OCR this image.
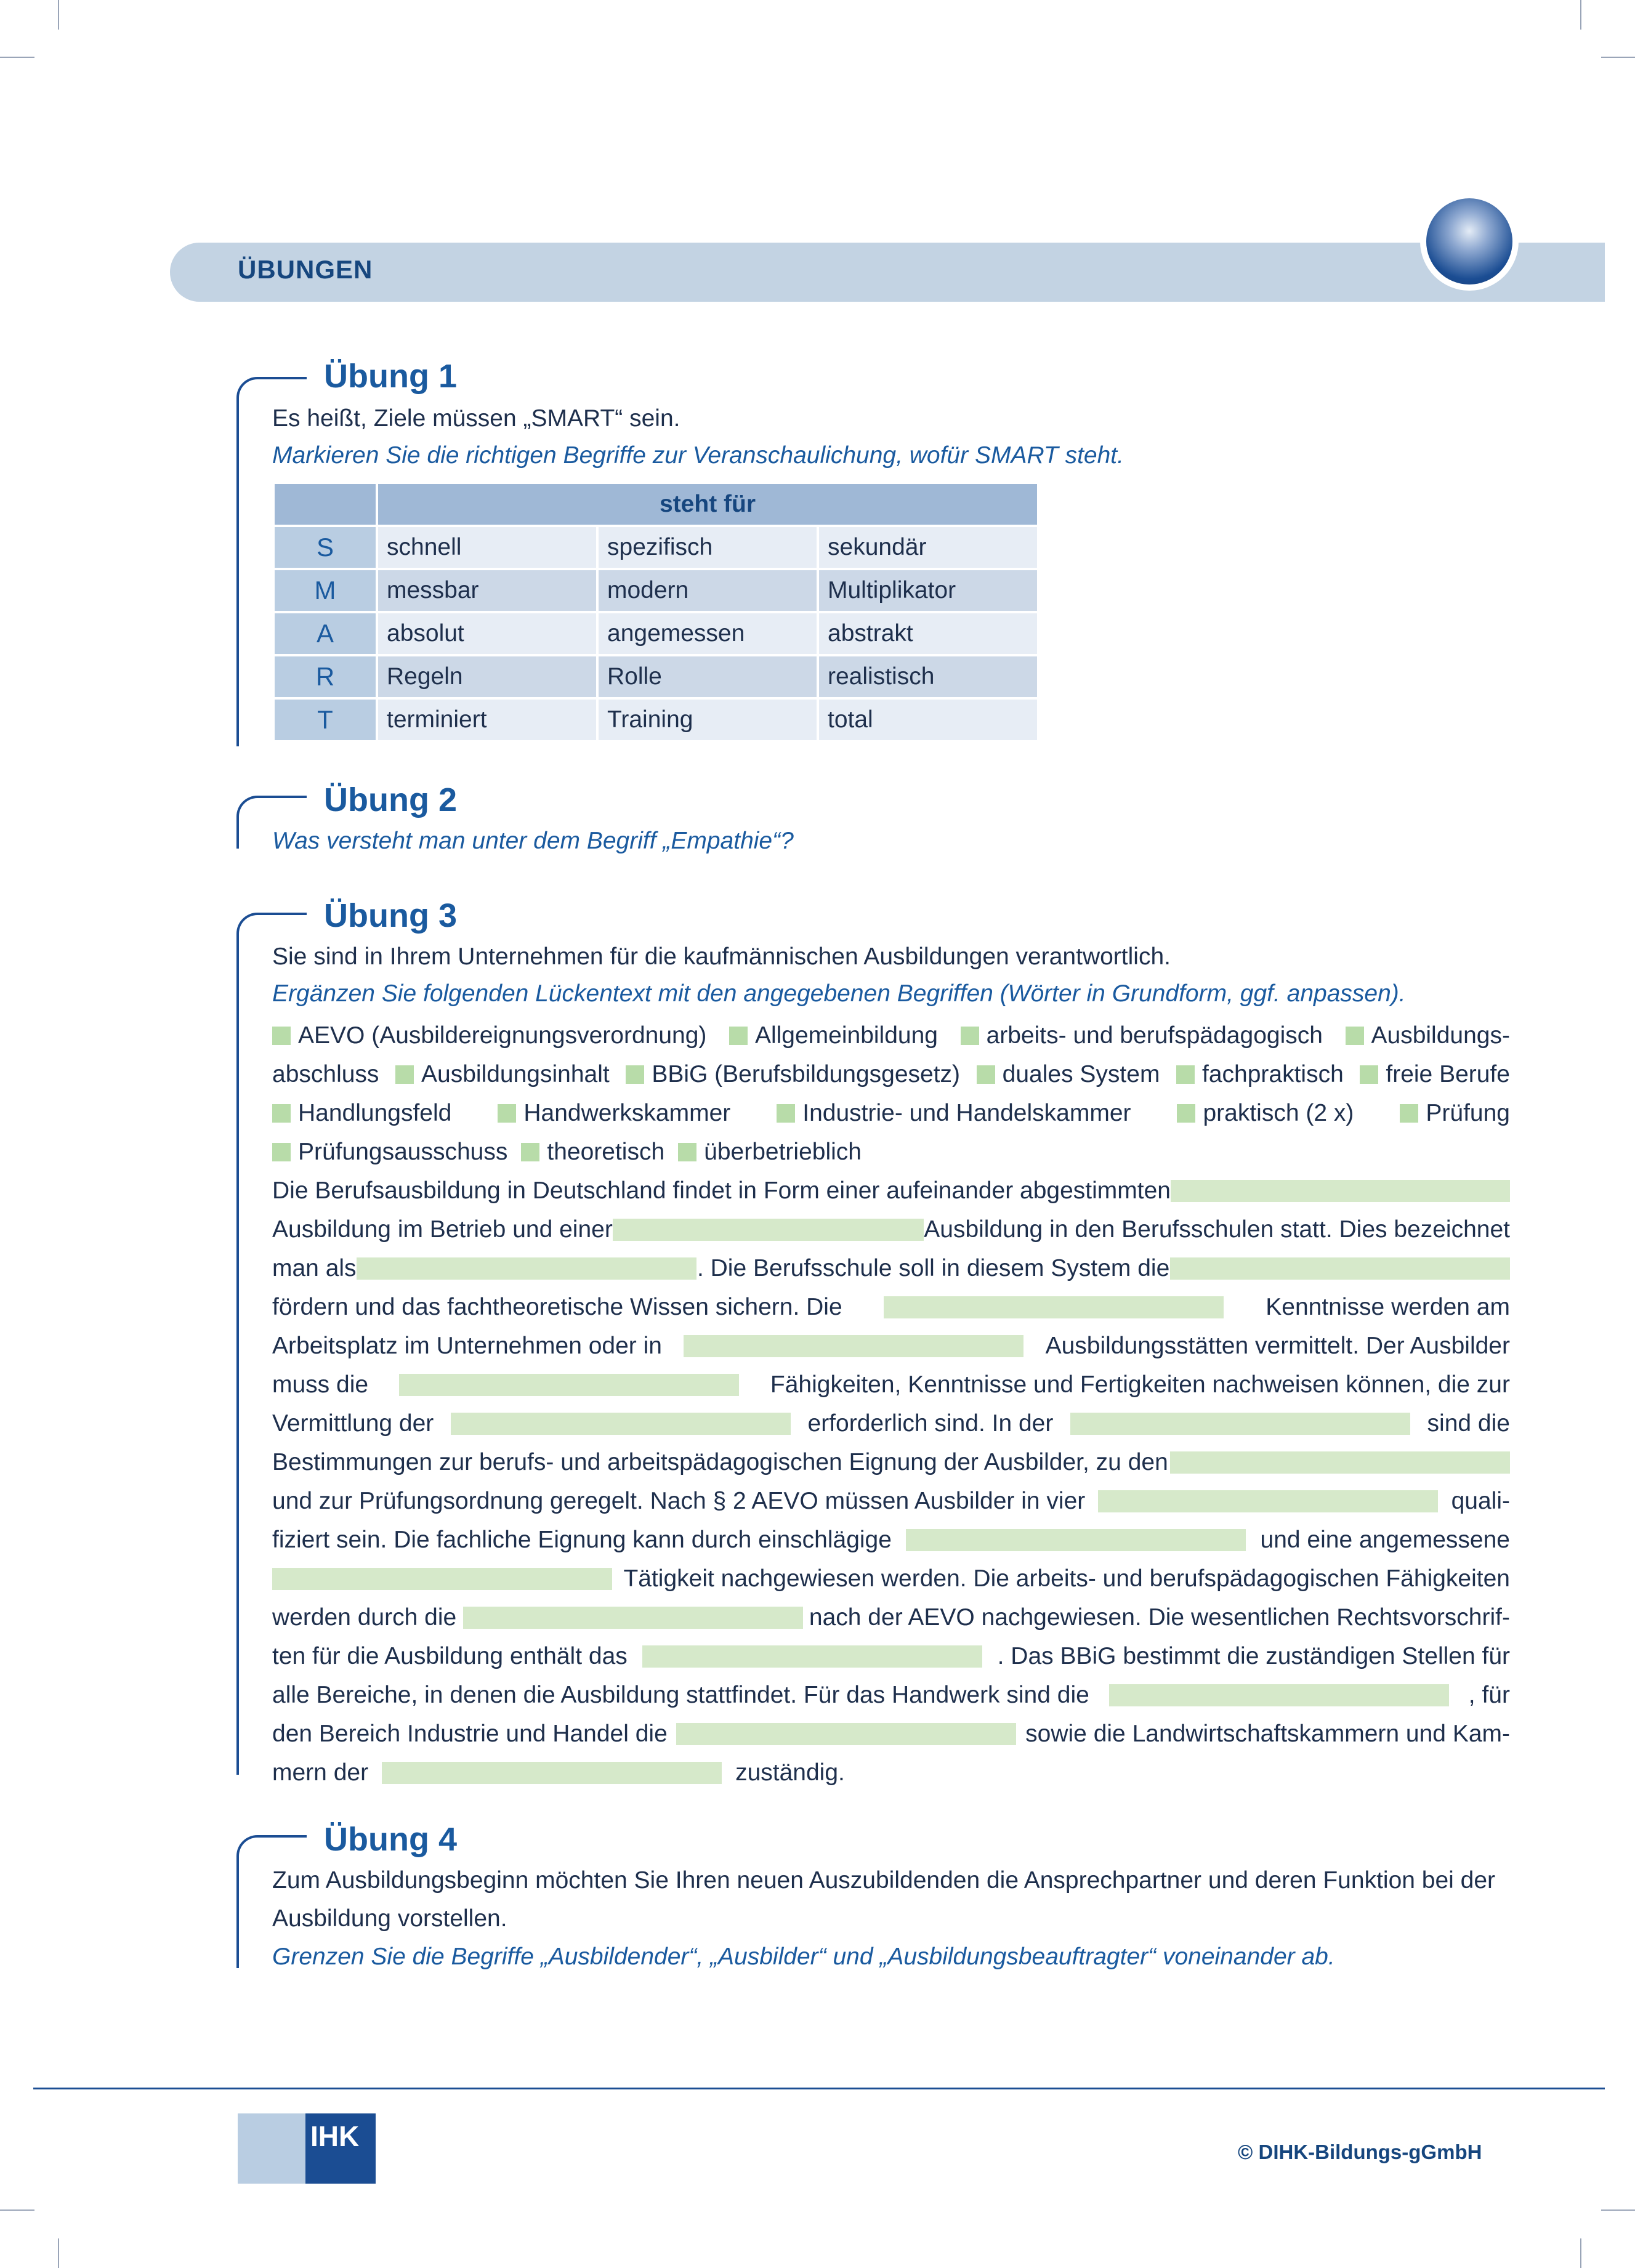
ÜBUNGEN
Übung 1
Es heißt, Ziele müssen „SMART“ sein.
Markieren Sie die richtigen Begriffe zur Veranschaulichung, wofür SMART steht.
	steht für		
S	schnell	spezifisch	sekundär
M	messbar	modern	Multiplikator
A	absolut	angemessen	abstrakt
R	Regeln	Rolle	realistisch
T	terminiert	Training	total
Übung 2
Was versteht man unter dem Begriff „Empathie“?
Übung 3
Sie sind in Ihrem Unternehmen für die kaufmännischen Ausbildungen verantwortlich.
Ergänzen Sie folgenden Lückentext mit den angegebenen Begriffen (Wörter in Grundform, ggf. anpassen).
AEVO (Ausbildereignungsverordnung)	Allgemeinbildung	arbeits- und berufspädagogisch	Ausbildungs-
abschluss	Ausbildungsinhalt	BBiG (Berufsbildungsgesetz)	duales System	fachpraktisch	freie Berufe
Handlungsfeld	Handwerkskammer	Industrie- und Handelskammer	praktisch (2 x)	Prüfung
Prüfungsausschuss	theoretisch	überbetrieblich
Die Berufsausbildung in Deutschland findet in Form einer aufeinander abgestimmten
Ausbildung im Betrieb und einer	Ausbildung in den Berufsschulen statt. Dies bezeichnet
man als	. Die Berufsschule soll in diesem System die
fördern und das fachtheoretische Wissen sichern. Die	Kenntnisse werden am
Arbeitsplatz im Unternehmen oder in	Ausbildungsstätten vermittelt. Der Ausbilder
muss die	Fähigkeiten, Kenntnisse und Fertigkeiten nachweisen können, die zur
Vermittlung der	erforderlich sind. In der	sind die
Bestimmungen zur berufs- und arbeitspädagogischen Eignung der Ausbilder, zu den
und zur Prüfungsordnung geregelt. Nach § 2 AEVO müssen Ausbilder in vier	quali-
fiziert sein. Die fachliche Eignung kann durch einschlägige	und eine angemessene
Tätigkeit nachgewiesen werden. Die arbeits- und berufspädagogischen Fähigkeiten
werden durch die	nach der AEVO nachgewiesen. Die wesentlichen Rechtsvorschrif-
ten für die Ausbildung enthält das	. Das BBiG bestimmt die zuständigen Stellen für
alle Bereiche, in denen die Ausbildung stattfindet. Für das Handwerk sind die	, für
den Bereich Industrie und Handel die	sowie die Landwirtschaftskammern und Kam-
mern der	zuständig.
Übung 4
Zum Ausbildungsbeginn möchten Sie Ihren neuen Auszubildenden die Ansprechpartner und deren Funktion bei der
Ausbildung vorstellen.
Grenzen Sie die Begriffe „Ausbildender“, „Ausbilder“ und „Ausbildungsbeauftragter“ voneinander ab.
IHK	© DIHK-Bildungs-gGmbH
